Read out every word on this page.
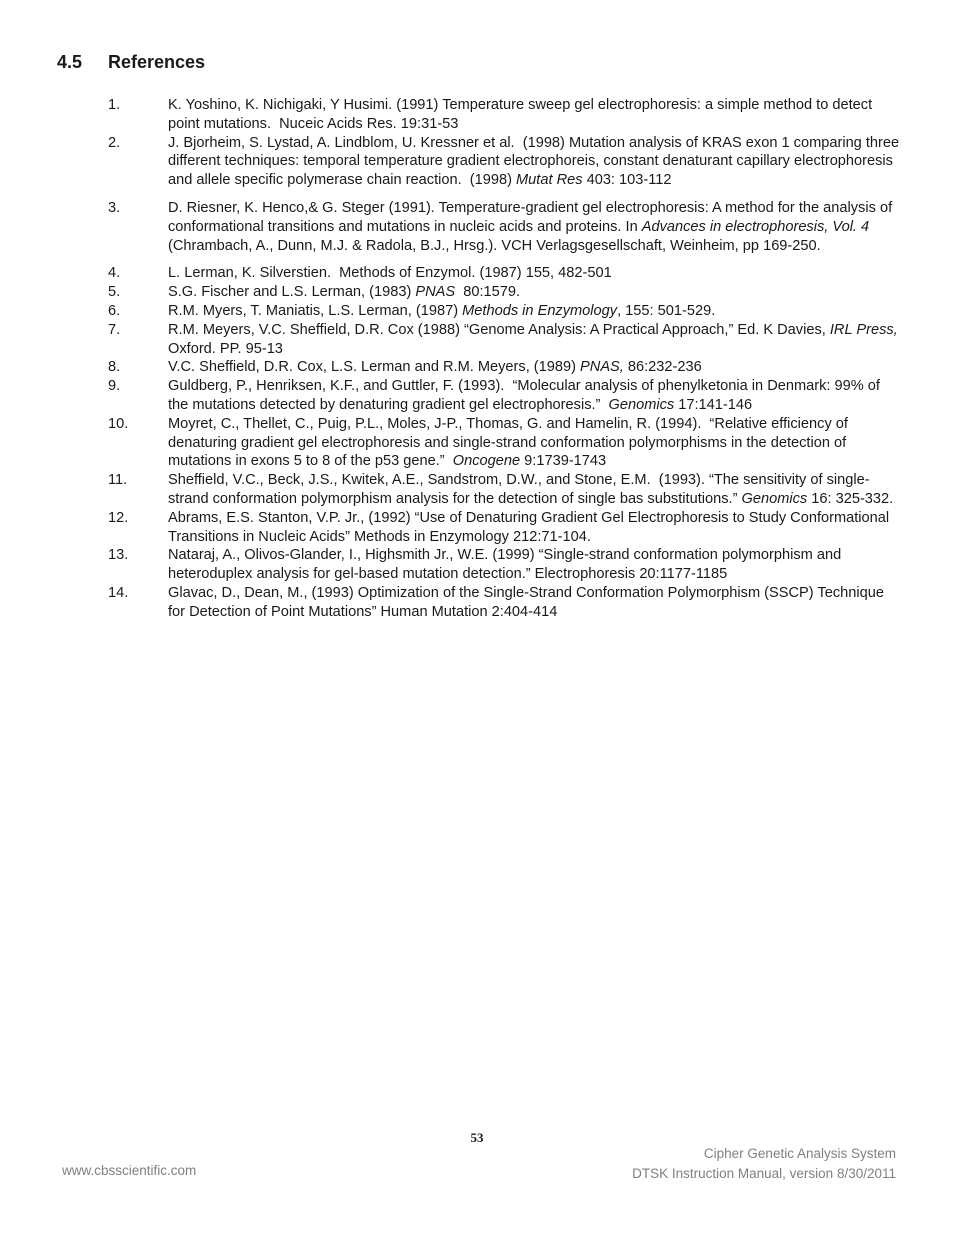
4.5 References
1.	K. Yoshino, K. Nichigaki, Y Husimi. (1991) Temperature sweep gel electrophoresis: a simple method to detect point mutations.  Nuceic Acids Res. 19:31-53
2.	J. Bjorheim, S. Lystad, A. Lindblom, U. Kressner et al.  (1998) Mutation analysis of KRAS exon 1 comparing three different techniques: temporal temperature gradient electrophoreis, constant denaturant capillary electrophoresis and allele specific polymerase chain reaction.  (1998) Mutat Res 403: 103-112
3.	D. Riesner, K. Henco,& G. Steger (1991). Temperature-gradient gel electrophoresis: A method for the analysis of conformational transitions and mutations in nucleic acids and proteins. In Advances in electrophoresis, Vol. 4 (Chrambach, A., Dunn, M.J. & Radola, B.J., Hrsg.). VCH Verlagsgesellschaft, Weinheim, pp 169-250.
4.	L. Lerman, K. Silverstien.  Methods of Enzymol. (1987) 155, 482-501
5.	S.G. Fischer and L.S. Lerman, (1983) PNAS  80:1579.
6.	R.M. Myers, T. Maniatis, L.S. Lerman, (1987) Methods in Enzymology, 155: 501-529.
7.	R.M. Meyers, V.C. Sheffield, D.R. Cox (1988) “Genome Analysis: A Practical Approach,” Ed. K Davies, IRL Press, Oxford. PP. 95-13
8.	V.C. Sheffield, D.R. Cox, L.S. Lerman and R.M. Meyers, (1989) PNAS, 86:232-236
9.	Guldberg, P., Henriksen, K.F., and Guttler, F. (1993).  “Molecular analysis of phenylketonia in Denmark: 99% of the mutations detected by denaturing gradient gel electrophoresis.”  Genomics 17:141-146
10.	Moyret, C., Thellet, C., Puig, P.L., Moles, J-P., Thomas, G. and Hamelin, R. (1994).  “Relative efficiency of denaturing gradient gel electrophoresis and single-strand conformation polymorphisms in the detection of mutations in exons 5 to 8 of the p53 gene.”  Oncogene 9:1739-1743
11.	Sheffield, V.C., Beck, J.S., Kwitek, A.E., Sandstrom, D.W., and Stone, E.M.  (1993). “The sensitivity of single-strand conformation polymorphism analysis for the detection of single bas substitutions.” Genomics 16: 325-332.
12.	Abrams, E.S. Stanton, V.P. Jr., (1992) “Use of Denaturing Gradient Gel Electrophoresis to Study Conformational Transitions in Nucleic Acids” Methods in Enzymology 212:71-104.
13.	Nataraj, A., Olivos-Glander, I., Highsmith Jr., W.E. (1999) “Single-strand conformation polymorphism and heteroduplex analysis for gel-based mutation detection.” Electrophoresis 20:1177-1185
14.	Glavac, D., Dean, M., (1993) Optimization of the Single-Strand Conformation Polymorphism (SSCP) Technique for Detection of Point Mutations” Human Mutation 2:404-414
53
www.cbsscientific.com
Cipher Genetic Analysis System
DTSK Instruction Manual, version 8/30/2011
